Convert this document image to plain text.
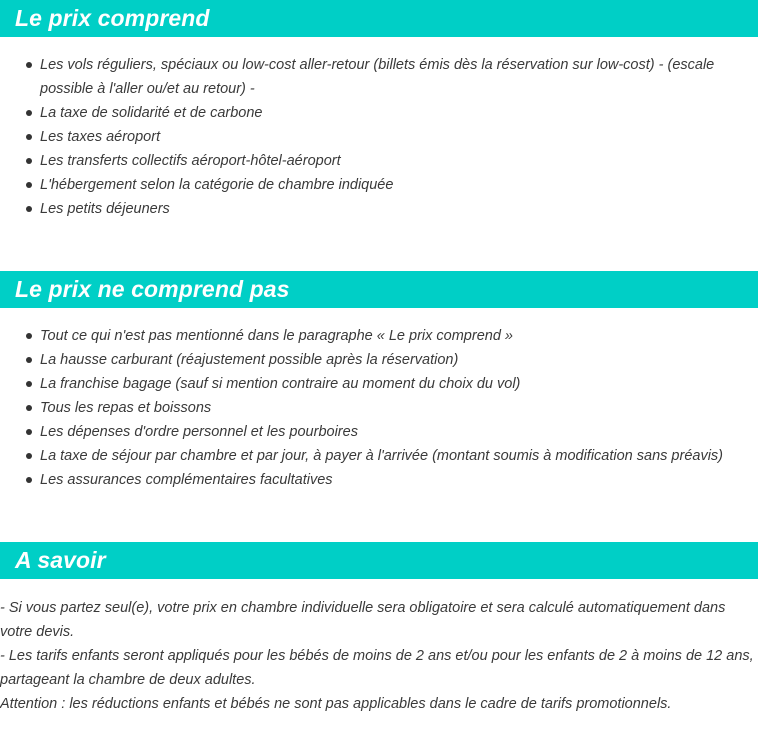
Le prix comprend
Les vols réguliers, spéciaux ou low-cost aller-retour (billets émis dès la réservation sur low-cost) - (escale possible à l'aller ou/et au retour) -
La taxe de solidarité et de carbone
Les taxes aéroport
Les transferts collectifs aéroport-hôtel-aéroport
L'hébergement selon la catégorie de chambre indiquée
Les petits déjeuners
Le prix ne comprend pas
Tout ce qui n'est pas mentionné dans le paragraphe « Le prix comprend »
La hausse carburant (réajustement possible après la réservation)
La franchise bagage (sauf si mention contraire au moment du choix du vol)
Tous les repas et boissons
Les dépenses d'ordre personnel et les pourboires
La taxe de séjour par chambre et par jour, à payer à l'arrivée (montant soumis à modification sans préavis)
Les assurances complémentaires facultatives
A savoir

- Si vous partez seul(e), votre prix en chambre individuelle sera obligatoire et sera calculé automatiquement dans votre devis.

- Les tarifs enfants seront appliqués pour les bébés de moins de 2 ans et/ou pour les enfants de 2 à moins de 12 ans, partageant la chambre de deux adultes.

Attention : les réductions enfants et bébés ne sont pas applicables dans le cadre de tarifs promotionnels.
